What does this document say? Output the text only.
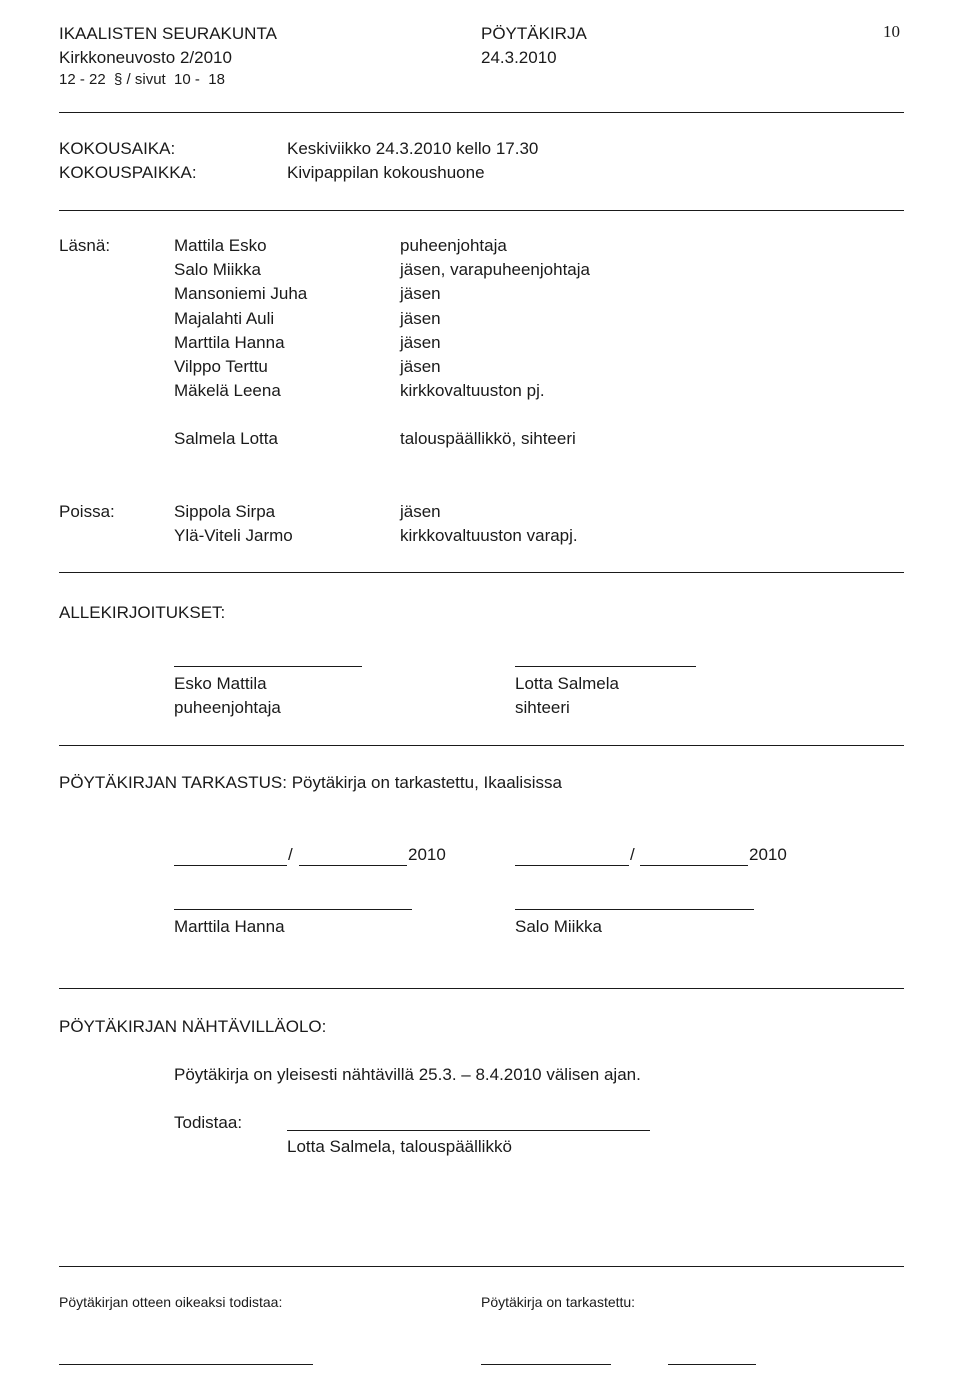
IKAALISTEN SEURAKUNTA	PÖYTÄKIRJA	10
Kirkkoneuvosto 2/2010	24.3.2010
12 - 22  § / sivut  10 -  18
KOKOUSAIKA:	Keskiviikko 24.3.2010 kello 17.30
KOKOUSPAIKKA:	Kivipappilan kokoushuone
Läsnä:	Mattila Esko	puheenjohtaja
Salo Miikka	jäsen, varapuheenjohtaja
Mansoniemi Juha	jäsen
Majalahti Auli	jäsen
Marttila Hanna	jäsen
Vilppo Terttu	jäsen
Mäkelä Leena	kirkkovaltuuston pj.
Salmela Lotta	talouspäällikkö, sihteeri
Poissa:	Sippola Sirpa	jäsen
Ylä-Viteli Jarmo	kirkkovaltuuston varapj.
ALLEKIRJOITUKSET:
Esko Mattila	Lotta Salmela
puheenjohtaja	sihteeri
PÖYTÄKIRJAN TARKASTUS: Pöytäkirja on tarkastettu, Ikaalisissa
/	2010	/	2010
Marttila Hanna	Salo Miikka
PÖYTÄKIRJAN NÄHTÄVILLÄOLO:
Pöytäkirja on yleisesti nähtävillä 25.3. – 8.4.2010 välisen ajan.
Todistaa:
Lotta Salmela, talouspäällikkö
Pöytäkirjan otteen oikeaksi todistaa:	Pöytäkirja on tarkastettu:
